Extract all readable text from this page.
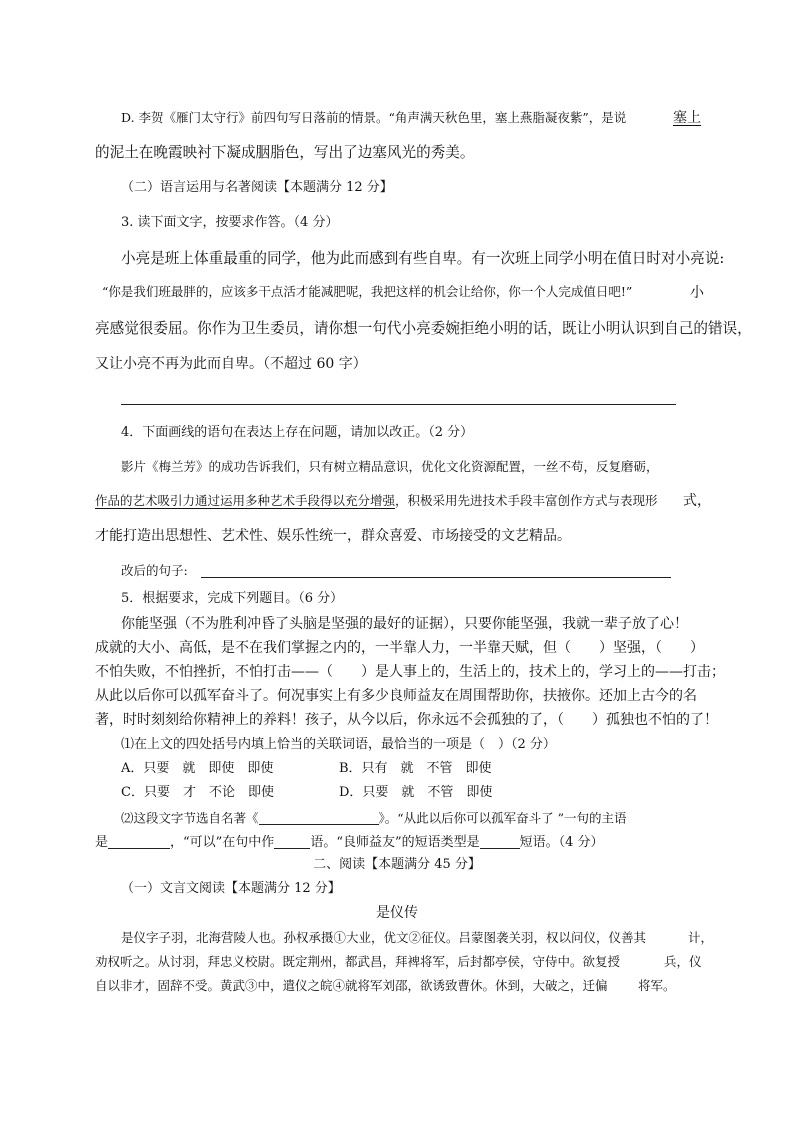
D. 李贺《雁门太守行》前四句写日落前的情景。“角声满天秋色里，塞上燕脂凝夜紫”，是说	塞上
的泥土在晚霞映衬下凝成胭脂色，写出了边塞风光的秀美。
（二）语言运用与名著阅读【本题满分 12 分】
3. 读下面文字，按要求作答。（4 分）
小亮是班上体重最重的同学，他为此而感到有些自卑。有一次班上同学小明在值日时对小亮说:
“你是我们班最胖的，应该多干点活才能减肥呢，我把这样的机会让给你，你一个人完成值日吧!”	小
亮感觉很委屈。你作为卫生委员，请你想一句代小亮委婉拒绝小明的话，既让小明认识到自己的错误，
又让小亮不再为此而自卑。（不超过 60 字）
4．下面画线的语句在表达上存在问题，请加以改正。（2 分）
影片《梅兰芳》的成功告诉我们，只有树立精品意识，优化文化资源配置，一丝不苟，反复磨砺，
作品的艺术吸引力通过运用多种艺术手段得以充分增强，积极采用先进技术手段丰富创作方式与表现形 式，
才能打造出思想性、艺术性、娱乐性统一，群众喜爱、市场接受的文艺精品。
改后的句子:
5．根据要求，完成下列题目。（6 分）
你能坚强（不为胜利冲昏了头脑是坚强的最好的证据），只要你能坚强，我就一辈子放了心！
成就的大小、高低，是不在我们掌握之内的，一半靠人力，一半靠天赋，但（　　）坚强，（　　）
不怕失败，不怕挫折，不怕打击——（　　）是人事上的，生活上的，技术上的，学习上的——打击；
从此以后你可以孤军奋斗了。何况事实上有多少良师益友在周围帮助你，扶掖你。还加上古今的名
著，时时刻刻给你精神上的养料！孩子，从今以后，你永远不会孤独的了，（　　）孤独也不怕的了！
⑴在上文的四处括号内填上恰当的关联词语，最恰当的一项是（　）（2 分）
A．只要　就　即使　即使	B．只有　就　不管　即使
C．只要　才　不论　即使	D．只要　就　不管　即使
⑵这段文字节选自名著《	》。“从此以后你可以孤军奋斗了 ”一句的主语
是	，“可以”在句中作	语。“良师益友”的短语类型是	短语。（4 分）
二、阅读【本题满分 45 分】
（一）文言文阅读【本题满分 12 分】
是仪传
是仪字子羽，北海营陵人也。孙权承摄①大业，优文②征仪。吕蒙图袭关羽，权以问仪，仪善其	计，
劝权听之。从讨羽，拜忠义校尉。既定荆州，都武昌，拜裨将军，后封都亭侯，守侍中。欲复授	兵，仪
自以非才，固辞不受。黄武③中，遣仪之皖④就将军刘邵，欲诱致曹休。休到，大破之，迁偏 将军。
